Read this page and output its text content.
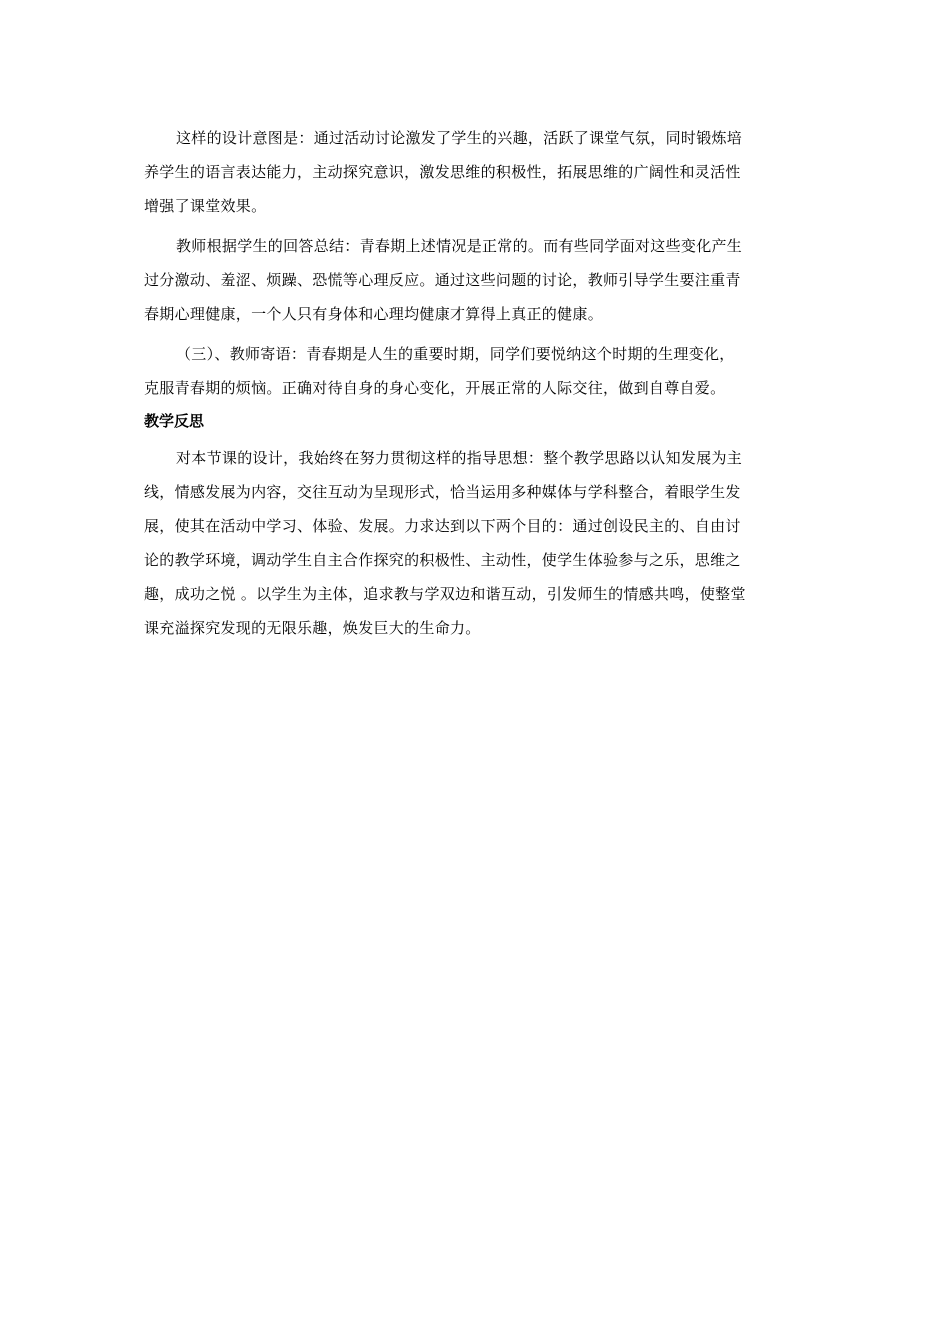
这样的设计意图是：通过活动讨论激发了学生的兴趣，活跃了课堂气氛，同时锻炼培
养学生的语言表达能力，主动探究意识，激发思维的积极性，拓展思维的广阔性和灵活性
增强了课堂效果。

教师根据学生的回答总结：青春期上述情况是正常的。而有些同学面对这些变化产生
过分激动、羞涩、烦躁、恐慌等心理反应。通过这些问题的讨论，教师引导学生要注重青
春期心理健康，一个人只有身体和心理均健康才算得上真正的健康。

（三）、教师寄语：青春期是人生的重要时期，同学们要悦纳这个时期的生理变化，
克服青春期的烦恼。正确对待自身的身心变化，开展正常的人际交往，做到自尊自爱。

教学反思

对本节课的设计，我始终在努力贯彻这样的指导思想：整个教学思路以认知发展为主
线，情感发展为内容，交往互动为呈现形式，恰当运用多种媒体与学科整合，着眼学生发
展，使其在活动中学习、体验、发展。力求达到以下两个目的：通过创设民主的、自由讨
论的教学环境，调动学生自主合作探究的积极性、主动性，使学生体验参与之乐，思维之
趣，成功之悦 。以学生为主体，追求教与学双边和谐互动，引发师生的情感共鸣，使整堂
课充溢探究发现的无限乐趣，焕发巨大的生命力。
